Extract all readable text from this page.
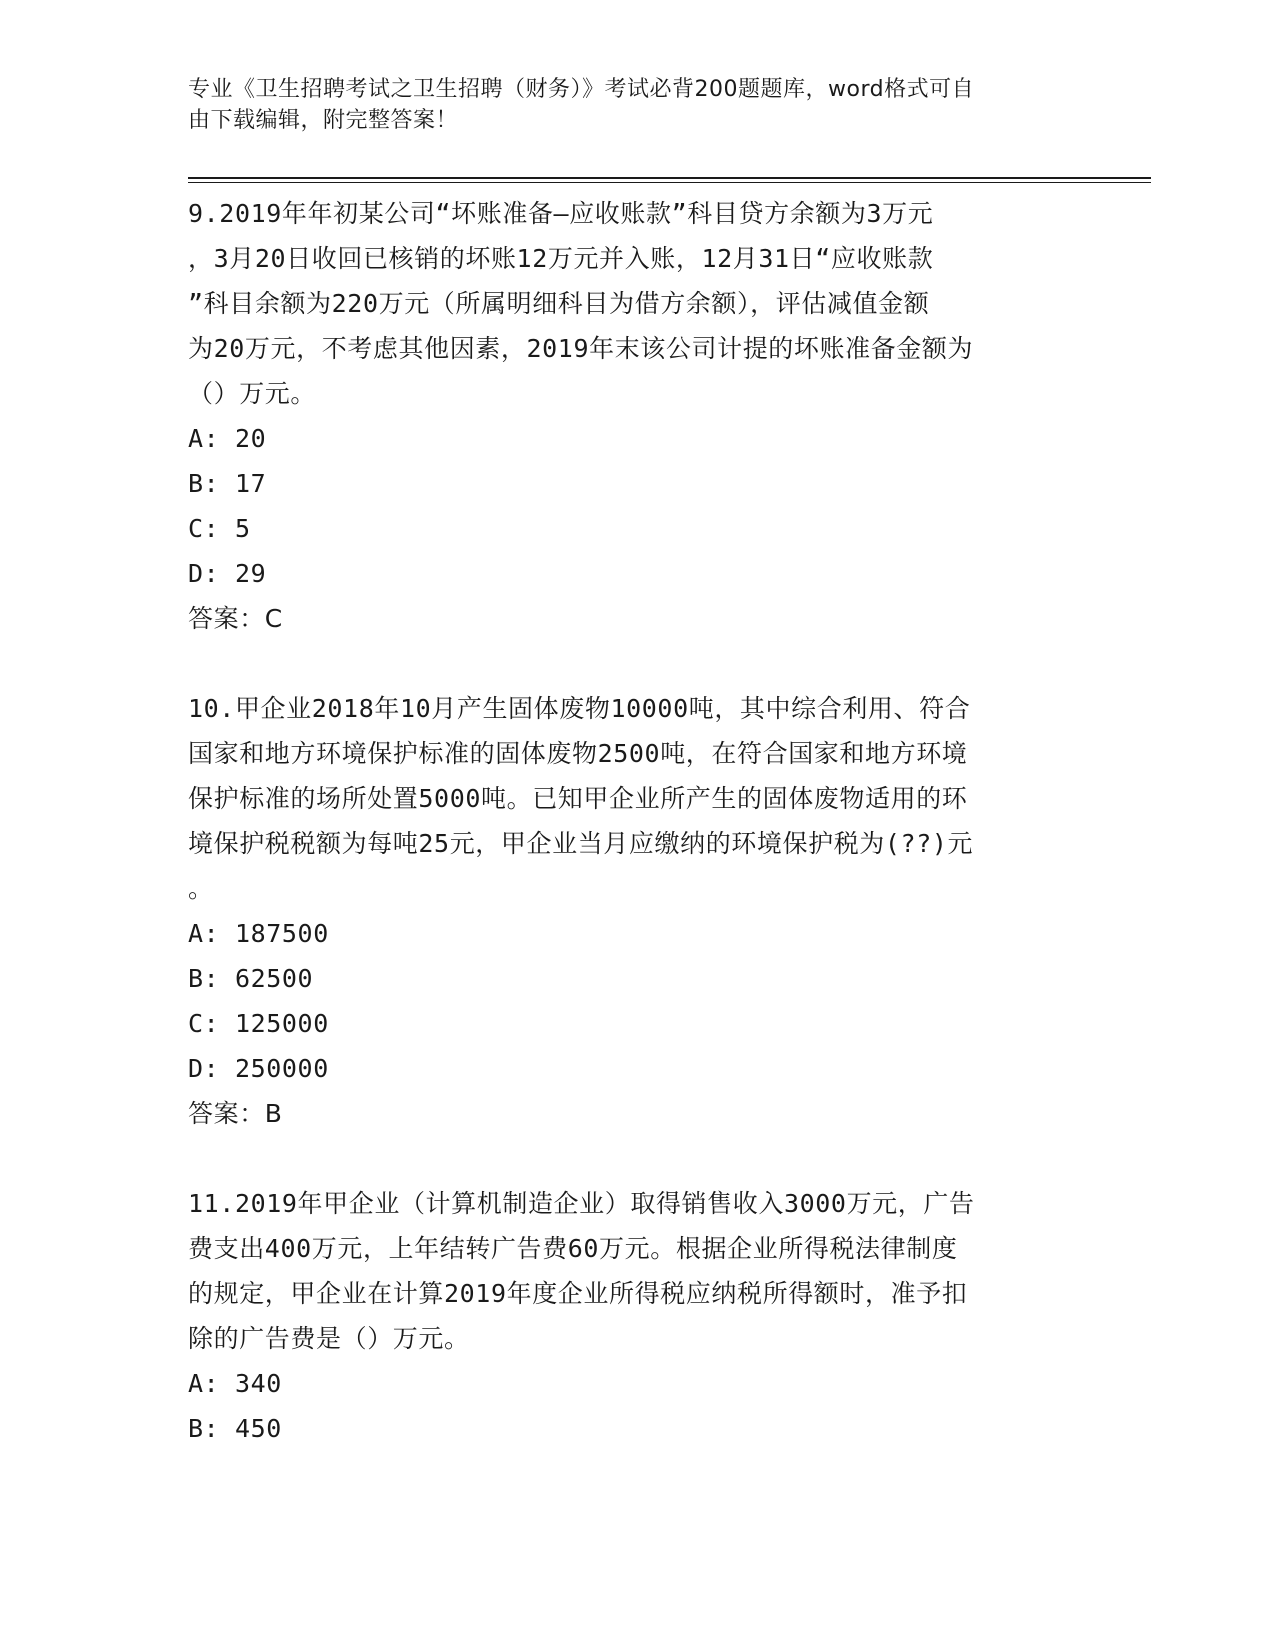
专业《卫生招聘考试之卫生招聘（财务）》考试必背200题题库，word格式可自
由下载编辑，附完整答案！
9.2019年年初某公司“坏账准备—应收账款”科目贷方余额为3万元
，3月20日收回已核销的坏账12万元并入账，12月31日“应收账款
”科目余额为220万元（所属明细科目为借方余额），评估减值金额
为20万元，不考虑其他因素，2019年末该公司计提的坏账准备金额为
（）万元。
A: 20
B: 17
C: 5
D: 29
答案：C
10.甲企业2018年10月产生固体废物10000吨，其中综合利用、符合
国家和地方环境保护标准的固体废物2500吨，在符合国家和地方环境
保护标准的场所处置5000吨。已知甲企业所产生的固体废物适用的环
境保护税税额为每吨25元，甲企业当月应缴纳的环境保护税为(??)元
。
A: 187500
B: 62500
C: 125000
D: 250000
答案：B
11.2019年甲企业（计算机制造企业）取得销售收入3000万元，广告
费支出400万元，上年结转广告费60万元。根据企业所得税法律制度
的规定，甲企业在计算2019年度企业所得税应纳税所得额时，准予扣
除的广告费是（）万元。
A: 340
B: 450
